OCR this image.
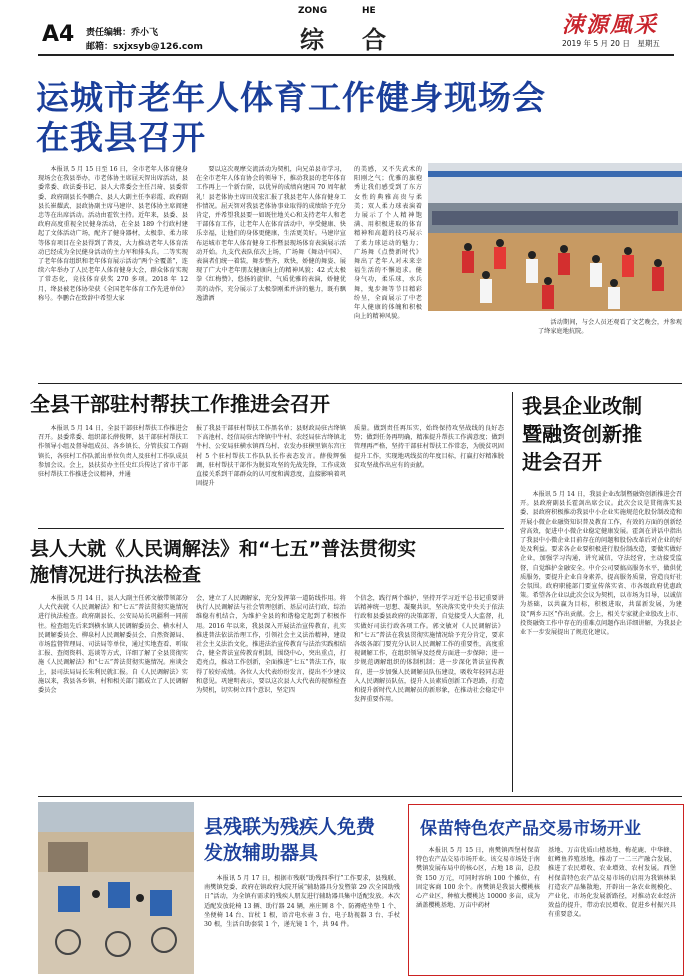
A4 责任编辑：乔小飞
邮箱：sxjxsyb@126.com
ZONG	HE
综 合	涑源風采
2019 年 5 月 20 日　星期五
运城市老年人体育工作健身现场会
在我县召开
本报讯 5 月 15 日至 16 日，全市老年人体育健身现场会在我县举办，市老体协主席屈天智出席活动，县委常委、政法委书记、县人大常委会主任吕琦、县委常委、政府副县长李鹏合、县人大副主任李彩霞、政府副县长崔耀武、县政协副主席马建岸、县老体协主席阎建忠等在出席活动。活动由霍钦主持。近年来，县委、县政府高度重视全民健身活动，在全县 189 个行政村建起了文体活动广场，配齐了健身器材，太极拳、柔力球等体育项目在全县得到了普及，大力推动老年人体育活动已经成为全民健身活动的主力军和排头兵。二等实现了老年体育组织和老年体育展示活动“两个全覆盖”，连续六年举办了人民老年人体育健身大会，群众体育实现了常态化，竞技体育获奖 270 多项。2018 年 12 月，绛县被老体协荣获《全国老年体育工作先进单位》称号。李鹏合在致辞中希望大家
要以这次观摩交流活动为契机，向兄弟县市学习，在全市老年人体育协会的领导下，推动我县的老年体育工作再上一个新台阶，以优异的成绩向建国 70 周年献礼！县老体协主席田茂宏汇报了我县老年人体育健身工作情况。屈天智对我县老体协事业取得的成绩给予充分肯定，并希望我县要一如既往地关心和支持老年人和老干部体育工作，让老年人在体育活动中，享受健康、快乐幸福，让他们的身体更健康，生活更美好。马建岸宣布运城市老年人体育健身工作暨县现场体育表演展示活动开始。九支代表队依次上场，广场舞《舞动中国》、表演者们统一着装，舞步整齐，欢快，娇健的舞姿、展现了广大中老年朋友健康向上的精神风貌；42 式太极拳《红梅赞》，悠扬的旋律、气质优雅的表演，娇健优美的动作，充分展示了太极拳刚柔并济的魅力，既有飘逸潇洒
的美感，又不失武术的阳刚之气；优雅的旗袍秀让我们感受到了东方女性的典雅高贵与柔美；双人柔力球表演着力展示了个人精神饱满、用积极进取的体育精神和高超的技巧展示了柔力球运动的魅力；广场舞《点赞新时代》舞出了老年人对未来幸福生活的不懈追求。健身气功，柔乐球，水兵舞，鬼步舞等节目精彩纷呈，全面展示了中老年人健康的体魄和积极向上的精神风貌。
活动期间，与会人员还观看了文艺晚会，并参观了绛家庭地抗院。
全县干部驻村帮扶工作推进会召开
本报讯 5 月 14 日，全县干部驻村帮扶工作推进会召开。县委常委、组织部长薛俊辉，县干部驻村帮扶工作领导小组及督导组成员、各乡镇长、分管扶贫工作副镇长，各驻村工作队派出单位负责人及驻村工作队成员参加会议。会上，县扶贫办主任史红兵传达了省市干部驻村帮扶工作推进会议精神，并通
报了我县干部驻村帮扶工作黑名单；县财政局驻古绛镇下高池村、经信局驻古绛镇中牛村、农经局驻古绛镇北牛村、公安局驻横水镇西乌村、农发办驻横里镇东宫庄村 5 个驻村帮扶工作队队长作表态发言。薛俊辉强调，驻村帮扶干部作为脱贫攻坚的先战先锋，工作成效直接关系到干部群众的认可度和满意度，直接影响着巩固提升
质量。做到责任再压实，始终保持攻坚战线的良好态势；做到任务再明确，精准提升帮扶工作满意度；做到管理再严格，坚持干部驻村帮扶工作常态，为脱贫巩固提升工作，实现地巩线贫的年度目标，打赢打好精准脱贫攻坚战作出应有的贡献。
我县企业改制
暨融资创新推
进会召开
本报讯 5 月 14 日，我县企业改制暨融资创新推进会召开。县政府副县长霍剑出席会议。此次会议是贯彻落实县委、县政府积极推动我县中小企业实施规范化股份制改造和开展小微企业融资知识普及教育工作，有效的方面的创新经营高效，促进中小微企业稳定健康发展。霍剑在讲话中指出了我县中小微企业目前存在的问题和股份改革后对企业的好处及利益。要求各企业要积极进行股份制改造，要做实做好企业，加强学习沟通，讲究诚信，守法经营，主动接受监督，自觉维护金融安全。中介公司要搞高服务水平，做供优质服务，要提升企业自身素养，提高服务质量，营造良好社会氛围。政府职能部门要宣传落实省、市各级政府优惠政策。希望各企业以此次会议为契机，以市场为目导，以诚信为基础，以共赢为目标，积极进取，共谋新发展，为建设“两乡五区”作出贡献。会上，相关专家就企业股改上市、投资融资工作中存在的重难点问题作出详细讲解，为我县企业下一步发展提出了规范化建议。
县人大就《人民调解法》和“七五”普法贯彻实
施情况进行执法检查
本报讯 5 月 14 日，县人大副主任郭文敏带领部分人大代表就《人民调解法》和“七五”普法贯彻实施情况进行执法检查。政府副县长、公安局局长巩疆利一同前往。检查组先后来到横水镇人民调解委员会、横水村人民调解委员会、柳泉村人民调解委员会、自然资源局、市场监督管理局、司法局等单位，通过实地查看、听取汇报、查阅资料、巡谈等方式，详细了解了全县贯彻实施《人民调解法》和“七五”普法贯彻实施情况。座谈会上，县司法局局长朱利民就汇报。自《人民调解法》实施以来，我县各乡镇、村和相关部门都成立了人民调解委员会
会，建立了人民调解家，充分发挥第一道防线作用。将执行人民调解法与社会管理创新、基层司法行政、综治维稳有机结合，为维护全县的和谐稳定起到了积极作用。2016 年以来，我县深入开展法治宣传教育，扎实推进普法依法治理工作，引领社会主义法治精神，建设社会主义法治文化，推进法治宣传教育与法治实践相结合，健全普法宣传教育机制，围绕中心，突出重点，打造亮点，推动工作创新，全面推进“七五”普法工作，取得了较好成绩。各位人大代表纷纷发言，提出不少建议和意见。巩建明表示，要以这次县人大代表的视察检查为契机，切实树立四个意识，坚定四
个信念，践行两个维护，坚持开学习近平总书记重要讲话精神统一思想、凝聚共识，坚决落实党中央关于依法行政和县委县政府的决策部署，自觉接受人大监督，扎实做好司法行政各项工作。郭文敏对《人民调解法》和“七五”普法在我县贯彻实施情况给予充分肯定，要求各级各部门要充分认识人民调解工作的重要性，高度重视调解工作，在组织领导及经费方面进一步保障；进一步规范调解组织的体制机制；进一步深化普法宣传教育，进一步加强人民调解员队伍建设，吸收年轻同志进入人民调解员队伍，提升人员素质创新工作思路，打造和提升新时代人民调解员的新形象，在推动社会稳定中发挥重要作用。
县残联为残疾人免费
发放辅助器具
本报讯 5 月 17 日，根据市残联“助残四季行”工作要求，县残联、南樊镇党委、政府在镇政府大院开展“辅助器具分发暨第 29 次全国助残日”活动，为全镇有需求的残疾人朋友进行辅助器具集中适配发放。本次适配发放轮椅 13 辆、助行器 24 辆，座庄厕 8 个、防褥疮坐垫 1 个、坐便椅 14 台、盲杖 1 根，语音电水壶 3 台、电子助视器 3 台、手杖 30 根，生活自助套装 1 个，递光镜 1 个，共 94 件。
保苗特色农产品交易市场开业
本报讯 5 月 15 日，南樊镇西堡村保苗特色农产品交易市场开业。该交易市场处于南樊镇发展布局中的核心区，占地 18 亩，总投资 150 万元，可同时容纳 100 个摊位，有固定客商 100 余个。南樊镇是我县大樱桃核心产业区，种植大樱桃达 10000 多亩，成为涵盖樱桃基地、万亩中药材
基地、万亩优质山楂基地、梅花鹿、中华蜂、虹鳟鱼养殖基地，推动了一二三产融合发展，推进了农民增收、农业增效、农村发展。西堡村保苗特色农产品交易市场的启用为我镇林果打造农产品集散地，开辟出一条农业规模化、产业化、市场化发展新路径，对推动农业经济效益的提升，带动农民增收、促进乡村振兴具有重要意义。
